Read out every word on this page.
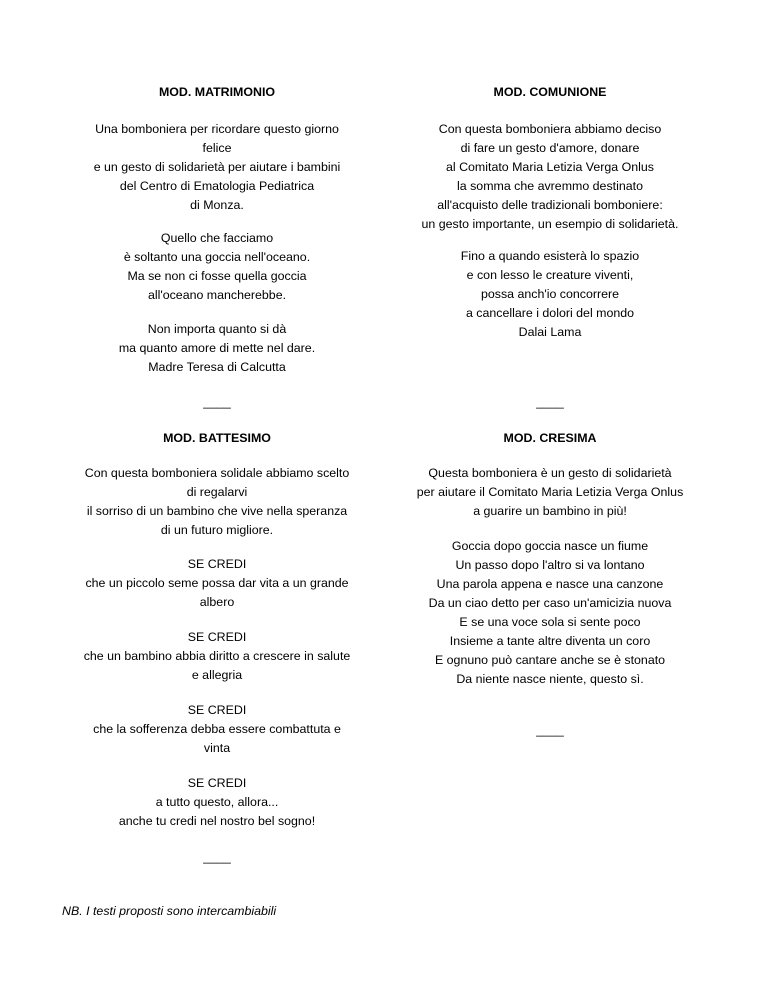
MOD. MATRIMONIO
Una bomboniera per ricordare questo giorno
felice
e un gesto di solidarietà per aiutare i bambini
del Centro di Ematologia Pediatrica
di Monza.
Quello che facciamo
è soltanto una goccia nell'oceano.
Ma se non ci fosse quella goccia
all'oceano mancherebbe.
Non importa quanto si dà
ma quanto amore di mette nel dare.
Madre Teresa di Calcutta
____
MOD. COMUNIONE
Con questa bomboniera abbiamo deciso
di fare un gesto d'amore, donare
al Comitato Maria Letizia Verga Onlus
la somma che avremmo destinato
all'acquisto delle tradizionali bomboniere:
un gesto importante, un esempio di solidarietà.
Fino a quando esisterà lo spazio
e con lesso le creature viventi,
possa anch'io concorrere
a cancellare i dolori del mondo
Dalai Lama
____
MOD. BATTESIMO
Con questa bomboniera solidale abbiamo scelto
di regalarvi
il sorriso di un bambino che vive nella speranza
di un futuro migliore.
SE CREDI
che un piccolo seme possa dar vita a un grande
albero
SE CREDI
che un bambino abbia diritto a crescere in salute
e allegria
SE CREDI
che la sofferenza debba essere combattuta e
vinta
SE CREDI
a tutto questo, allora...
anche tu credi nel nostro bel sogno!
____
MOD. CRESIMA
Questa bomboniera è un gesto di solidarietà
per aiutare il Comitato Maria Letizia Verga Onlus
a guarire un bambino in più!
Goccia dopo goccia nasce un fiume
Un passo dopo l'altro si va lontano
Una parola appena e nasce una canzone
Da un ciao detto per caso un'amicizia nuova
E se una voce sola si sente poco
Insieme a tante altre diventa un coro
E ognuno può cantare anche se è stonato
Da niente nasce niente, questo sì.
____
NB. I testi proposti sono intercambiabili
